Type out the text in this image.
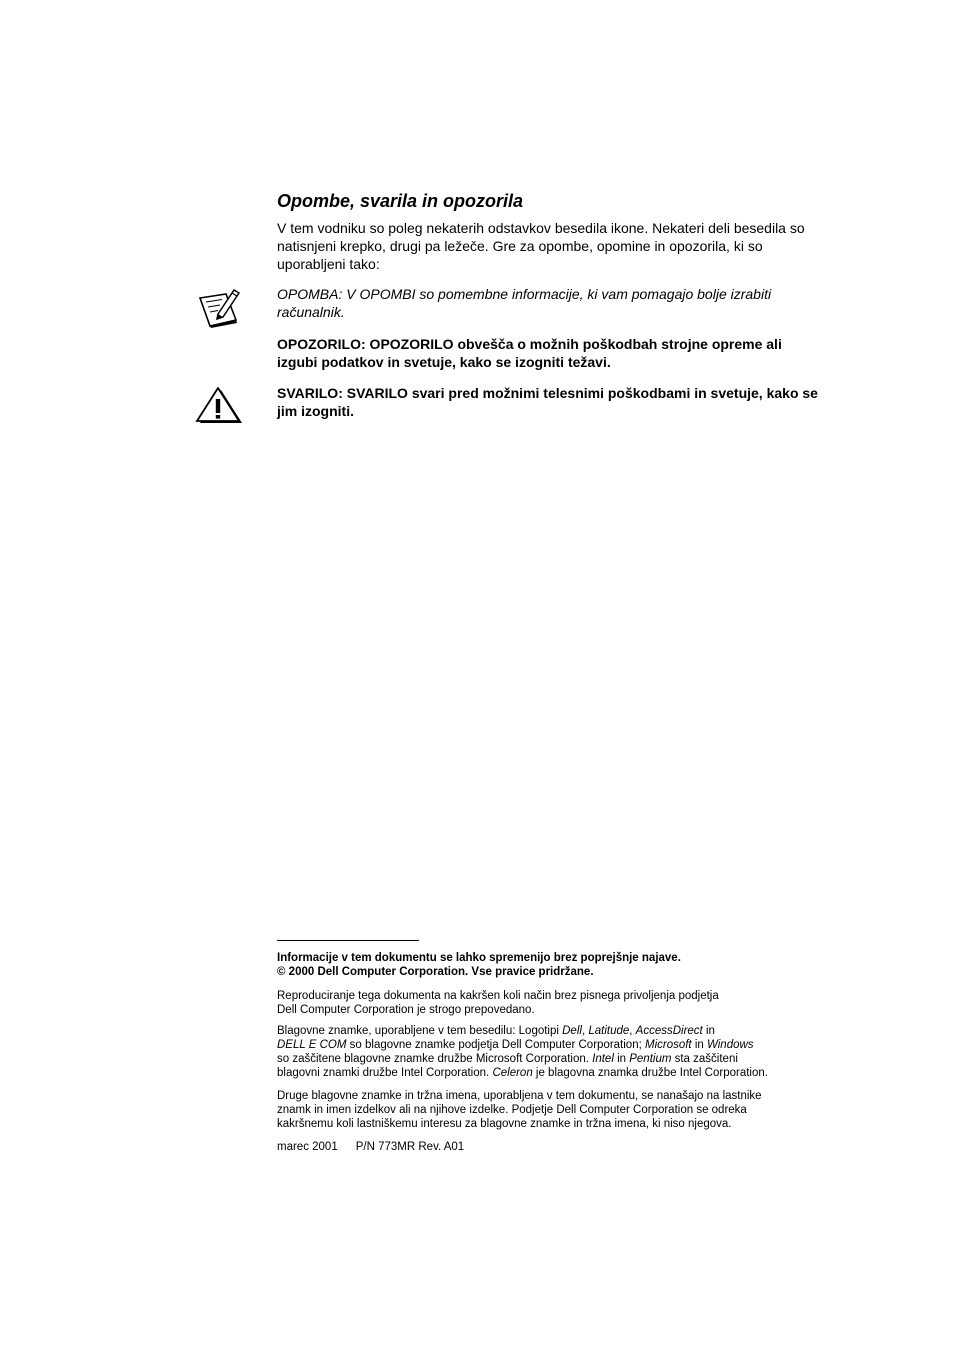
Opombe, svarila in opozorila

V tem vodniku so poleg nekaterih odstavkov besedila ikone. Nekateri deli besedila so natisnjeni krepko, drugi pa ležeče. Gre za opombe, opomine in opozorila, ki so uporabljeni tako:

OPOMBA: V OPOMBI so pomembne informacije, ki vam pomagajo bolje izrabiti računalnik.

OPOZORILO: OPOZORILO obvešča o možnih poškodbah strojne opreme ali izgubi podatkov in svetuje, kako se izogniti težavi.

SVARILO: SVARILO svari pred možnimi telesnimi poškodbami in svetuje, kako se jim izogniti.

Informacije v tem dokumentu se lahko spremenijo brez poprejšnje najave.
© 2000 Dell Computer Corporation. Vse pravice pridržane.

Reproduciranje tega dokumenta na kakršen koli način brez pisnega privoljenja podjetja
Dell Computer Corporation je strogo prepovedano.

Blagovne znamke, uporabljene v tem besedilu: Logotipi Dell, Latitude, AccessDirect in
DELL E COM so blagovne znamke podjetja Dell Computer Corporation; Microsoft in Windows
so zaščitene blagovne znamke družbe Microsoft Corporation. Intel in Pentium sta zaščiteni
blagovni znamki družbe Intel Corporation. Celeron je blagovna znamka družbe Intel Corporation.

Druge blagovne znamke in tržna imena, uporabljena v tem dokumentu, se nanašajo na lastnike
znamk in imen izdelkov ali na njihove izdelke. Podjetje Dell Computer Corporation se odreka
kakršnemu koli lastniškemu interesu za blagovne znamke in tržna imena, ki niso njegova.

marec 2001 P/N 773MR Rev. A01
